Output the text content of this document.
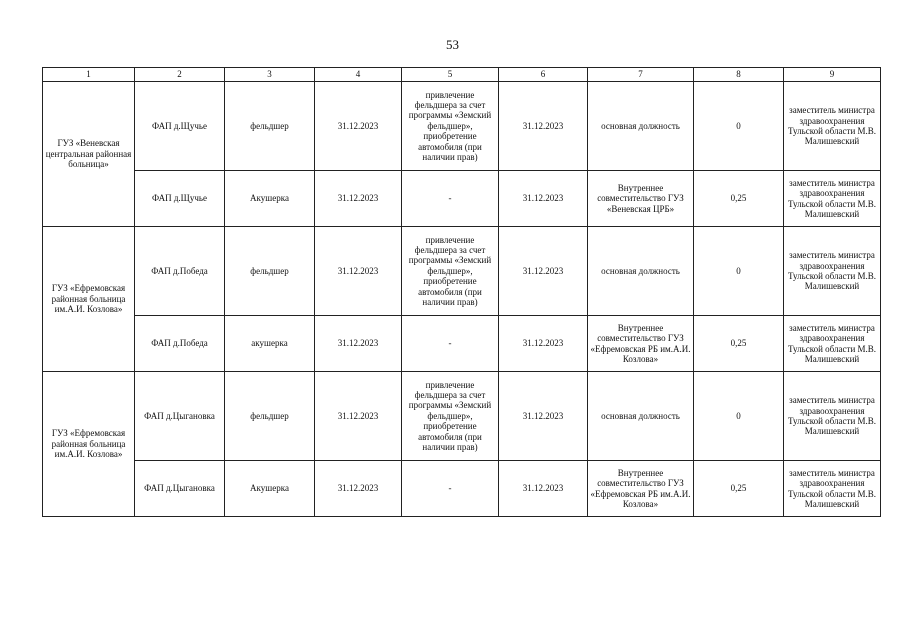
53
1	2	3	4	5	6	7	8	9
ГУЗ «Веневская центральная районная больница»	ФАП д.Щучье	фельдшер	31.12.2023	привлечение фельдшера за счет программы «Земский фельдшер», приобретение автомобиля (при наличии прав)	31.12.2023	основная должность	0	заместитель министра здравоохранения Тульской области М.В. Малишевский
	ФАП д.Щучье	Акушерка	31.12.2023	-	31.12.2023	Внутреннее совместительство ГУЗ «Веневская ЦРБ»	0,25	заместитель министра здравоохранения Тульской области М.В. Малишевский
ГУЗ «Ефремовская районная больница им.А.И. Козлова»	ФАП д.Победа	фельдшер	31.12.2023	привлечение фельдшера за счет программы «Земский фельдшер», приобретение автомобиля (при наличии прав)	31.12.2023	основная должность	0	заместитель министра здравоохранения Тульской области М.В. Малишевский
	ФАП д.Победа	акушерка	31.12.2023	-	31.12.2023	Внутреннее совместительство ГУЗ «Ефремовская РБ им.А.И. Козлова»	0,25	заместитель министра здравоохранения Тульской области М.В. Малишевский
ГУЗ «Ефремовская районная больница им.А.И. Козлова»	ФАП д.Цыгановка	фельдшер	31.12.2023	привлечение фельдшера за счет программы «Земский фельдшер», приобретение автомобиля (при наличии прав)	31.12.2023	основная должность	0	заместитель министра здравоохранения Тульской области М.В. Малишевский
	ФАП д.Цыгановка	Акушерка	31.12.2023	-	31.12.2023	Внутреннее совместительство ГУЗ «Ефремовская РБ им.А.И. Козлова»	0,25	заместитель министра здравоохранения Тульской области М.В. Малишевский
